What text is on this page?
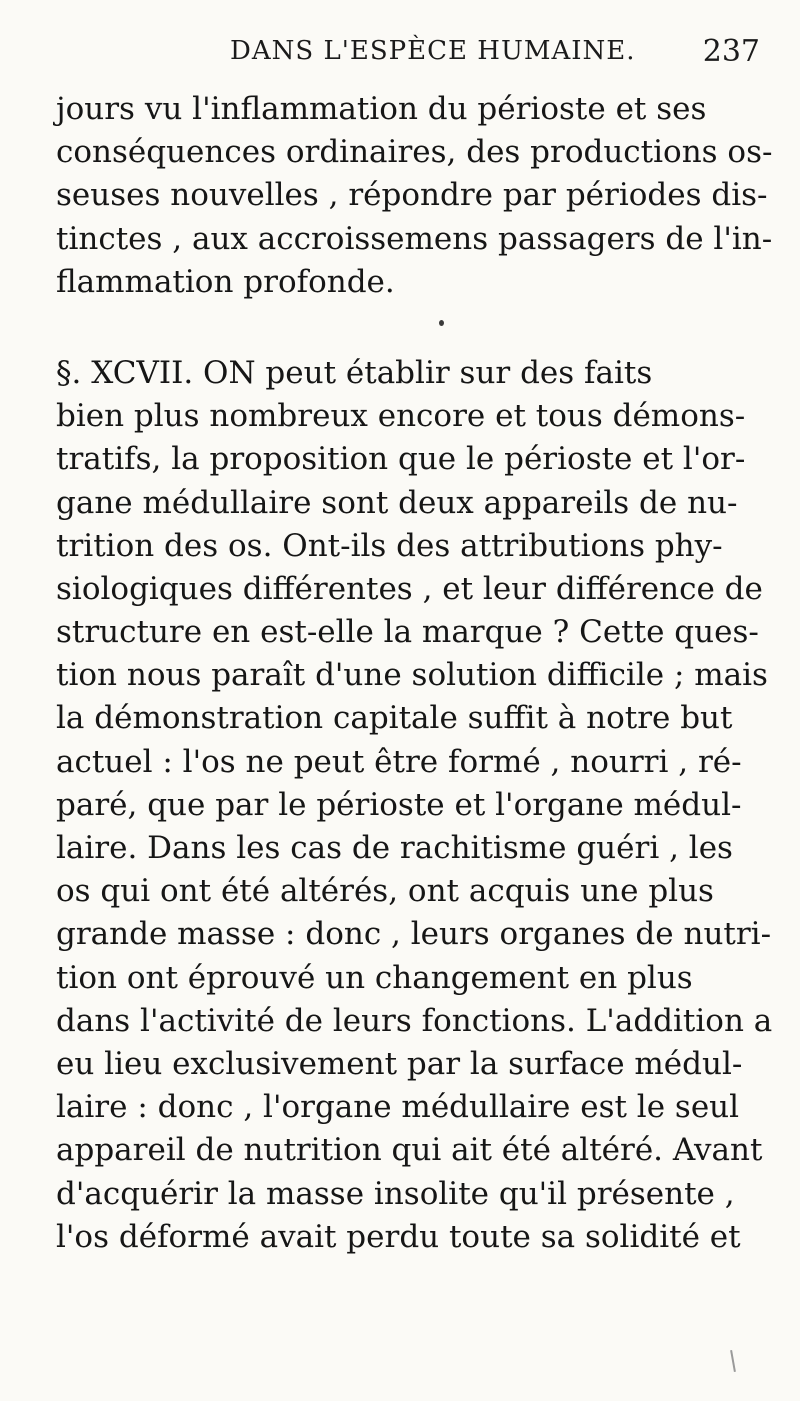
DANS L'ESPÈCE HUMAINE. 237
jours vu l'inflammation du périoste et ses
conséquences ordinaires, des productions os-
seuses nouvelles , répondre par périodes dis-
tinctes , aux accroissemens passagers de l'in-
flammation profonde.
§. XCVII. ON peut établir sur des faits
bien plus nombreux encore et tous démons-
tratifs, la proposition que le périoste et l'or-
gane médullaire sont deux appareils de nu-
trition des os. Ont-ils des attributions phy-
siologiques différentes , et leur différence de
structure en est-elle la marque ? Cette ques-
tion nous paraît d'une solution difficile ; mais
la démonstration capitale suffit à notre but
actuel : l'os ne peut être formé , nourri , ré-
paré, que par le périoste et l'organe médul-
laire. Dans les cas de rachitisme guéri , les
os qui ont été altérés, ont acquis une plus
grande masse : donc , leurs organes de nutri-
tion ont éprouvé un changement en plus
dans l'activité de leurs fonctions. L'addition a
eu lieu exclusivement par la surface médul-
laire : donc , l'organe médullaire est le seul
appareil de nutrition qui ait été altéré. Avant
d'acquérir la masse insolite qu'il présente ,
l'os déformé avait perdu toute sa solidité et
